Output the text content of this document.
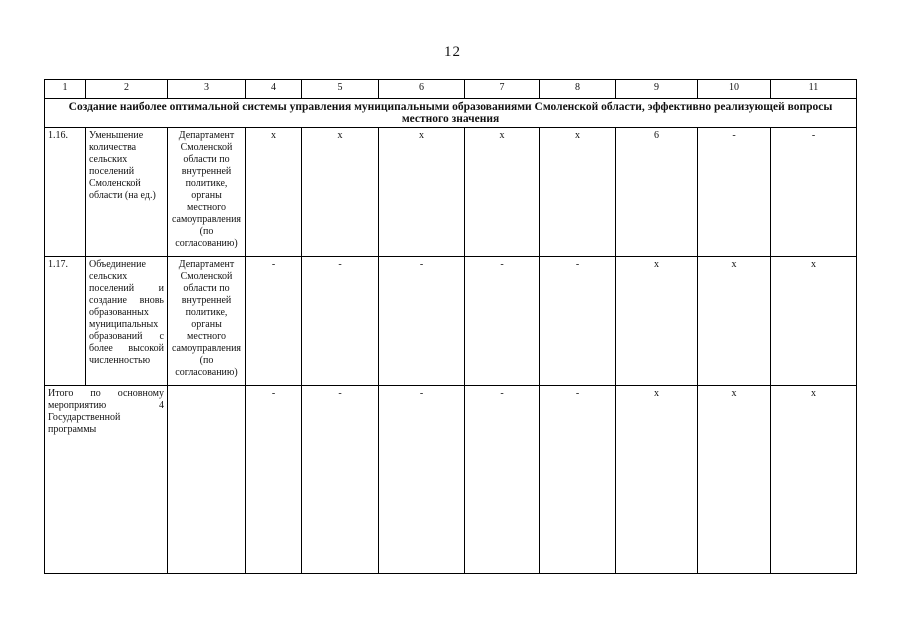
12
1	2	3	4	5	6	7	8	9	10	11
Создание наиболее оптимальной системы управления муниципальными образованиями Смоленской области, эффективно реализующей вопросы местного значения										
1.16.	Уменьшение количества сельских поселений Смоленской области (на ед.)	Департамент Смоленской области по внутренней политике, органы местного самоуправления (по согласованию)	х	х	х	х	х	6	-	-
1.17.	Объединение сельских поселений и создание вновь образованных муниципальных образований с более высокой численностью	Департамент Смоленской области по внутренней политике, органы местного самоуправления (по согласованию)	-	-	-	-	-	х	х	х
Итого по основному мероприятию 4 Государственной программы			-	-	-	-	-	х	х	х
